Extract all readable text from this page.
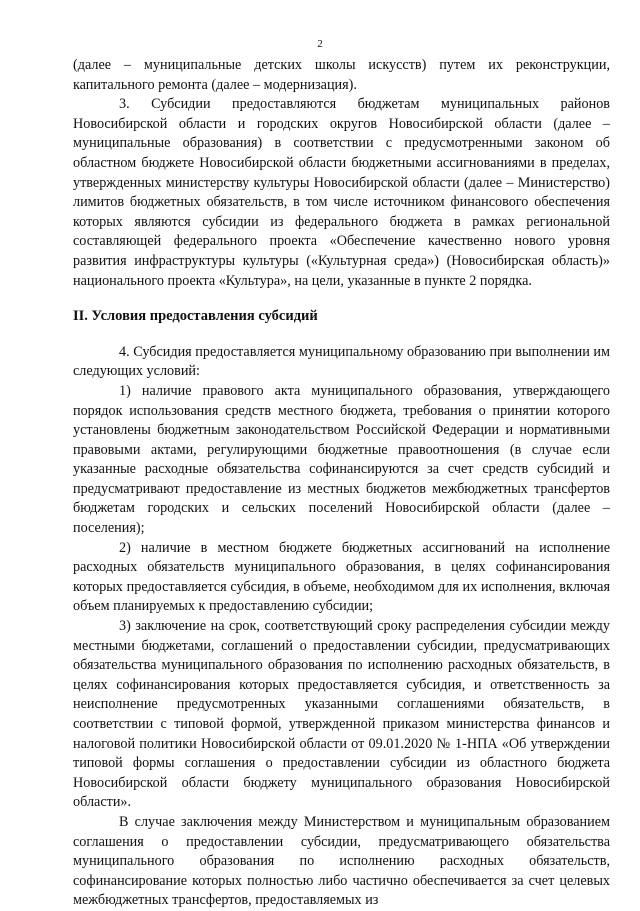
2

(далее – муниципальные детских школы искусств) путем их реконструкции, капитального ремонта (далее – модернизация).

3. Субсидии предоставляются бюджетам муниципальных районов Новосибирской области и городских округов Новосибирской области (далее – муниципальные образования) в соответствии с предусмотренными законом об областном бюджете Новосибирской области бюджетными ассигнованиями в пределах, утвержденных министерству культуры Новосибирской области (далее – Министерство) лимитов бюджетных обязательств, в том числе источником финансового обеспечения которых являются субсидии из федерального бюджета в рамках региональной составляющей федерального проекта «Обеспечение качественно нового уровня развития инфраструктуры культуры («Культурная среда») (Новосибирская область)» национального проекта «Культура», на цели, указанные в пункте 2 порядка.

II. Условия предоставления субсидий

4. Субсидия предоставляется муниципальному образованию при выполнении им следующих условий:

1) наличие правового акта муниципального образования, утверждающего порядок использования средств местного бюджета, требования о принятии которого установлены бюджетным законодательством Российской Федерации и нормативными правовыми актами, регулирующими бюджетные правоотношения (в случае если указанные расходные обязательства софинансируются за счет средств субсидий и предусматривают предоставление из местных бюджетов межбюджетных трансфертов бюджетам городских и сельских поселений Новосибирской области (далее – поселения);

2) наличие в местном бюджете бюджетных ассигнований на исполнение расходных обязательств муниципального образования, в целях софинансирования которых предоставляется субсидия, в объеме, необходимом для их исполнения, включая объем планируемых к предоставлению субсидии;

3) заключение на срок, соответствующий сроку распределения субсидии между местными бюджетами, соглашений о предоставлении субсидии, предусматривающих обязательства муниципального образования по исполнению расходных обязательств, в целях софинансирования которых предоставляется субсидия, и ответственность за неисполнение предусмотренных указанными соглашениями обязательств, в соответствии с типовой формой, утвержденной приказом министерства финансов и налоговой политики Новосибирской области от 09.01.2020 № 1-НПА «Об утверждении типовой формы соглашения о предоставлении субсидии из областного бюджета Новосибирской области бюджету муниципального образования Новосибирской области».

В случае заключения между Министерством и муниципальным образованием соглашения о предоставлении субсидии, предусматривающего обязательства муниципального образования по исполнению расходных обязательств, софинансирование которых полностью либо частично обеспечивается за счет целевых межбюджетных трансфертов, предоставляемых из
